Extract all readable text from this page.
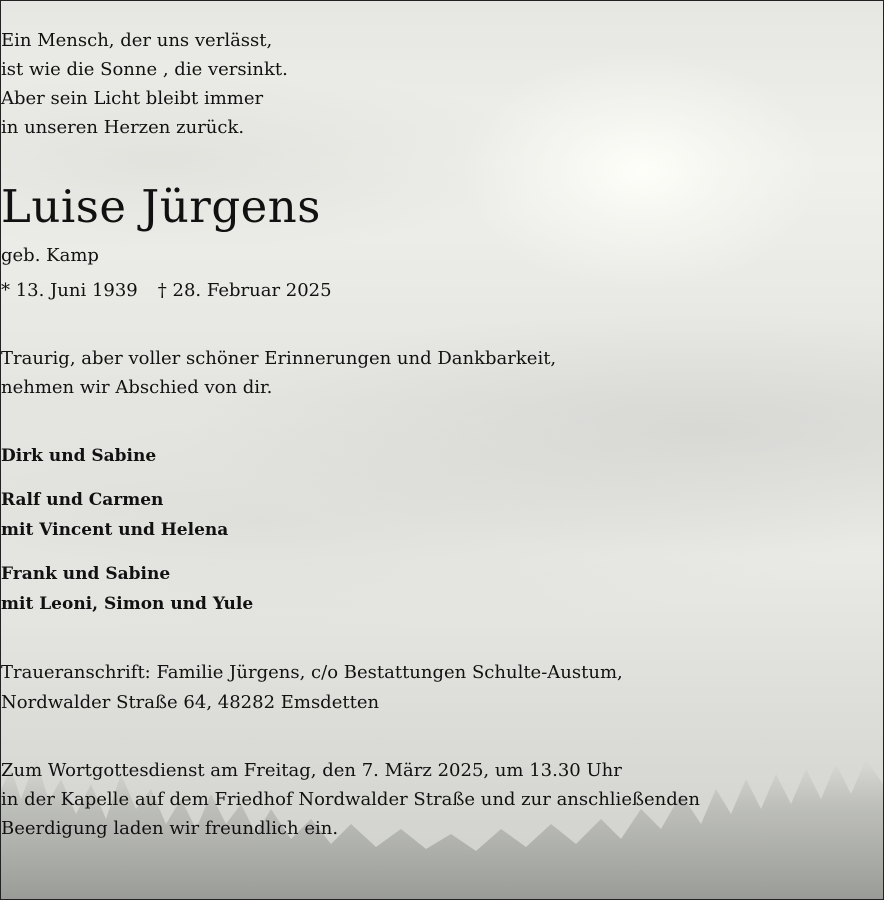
Ein Mensch, der uns verlässt,
ist wie die Sonne , die versinkt.
Aber sein Licht bleibt immer
in unseren Herzen zurück.
Luise Jürgens
geb. Kamp
* 13. Juni 1939 † 28. Februar 2025
Traurig, aber voller schöner Erinnerungen und Dankbarkeit,
nehmen wir Abschied von dir.
Dirk und Sabine
Ralf und Carmen
mit Vincent und Helena
Frank und Sabine
mit Leoni, Simon und Yule
Traueranschrift: Familie Jürgens, c/o Bestattungen Schulte-Austum,
Nordwalder Straße 64, 48282 Emsdetten
Zum Wortgottesdienst am Freitag, den 7. März 2025, um 13.30 Uhr
in der Kapelle auf dem Friedhof Nordwalder Straße und zur anschließenden
Beerdigung laden wir freundlich ein.
